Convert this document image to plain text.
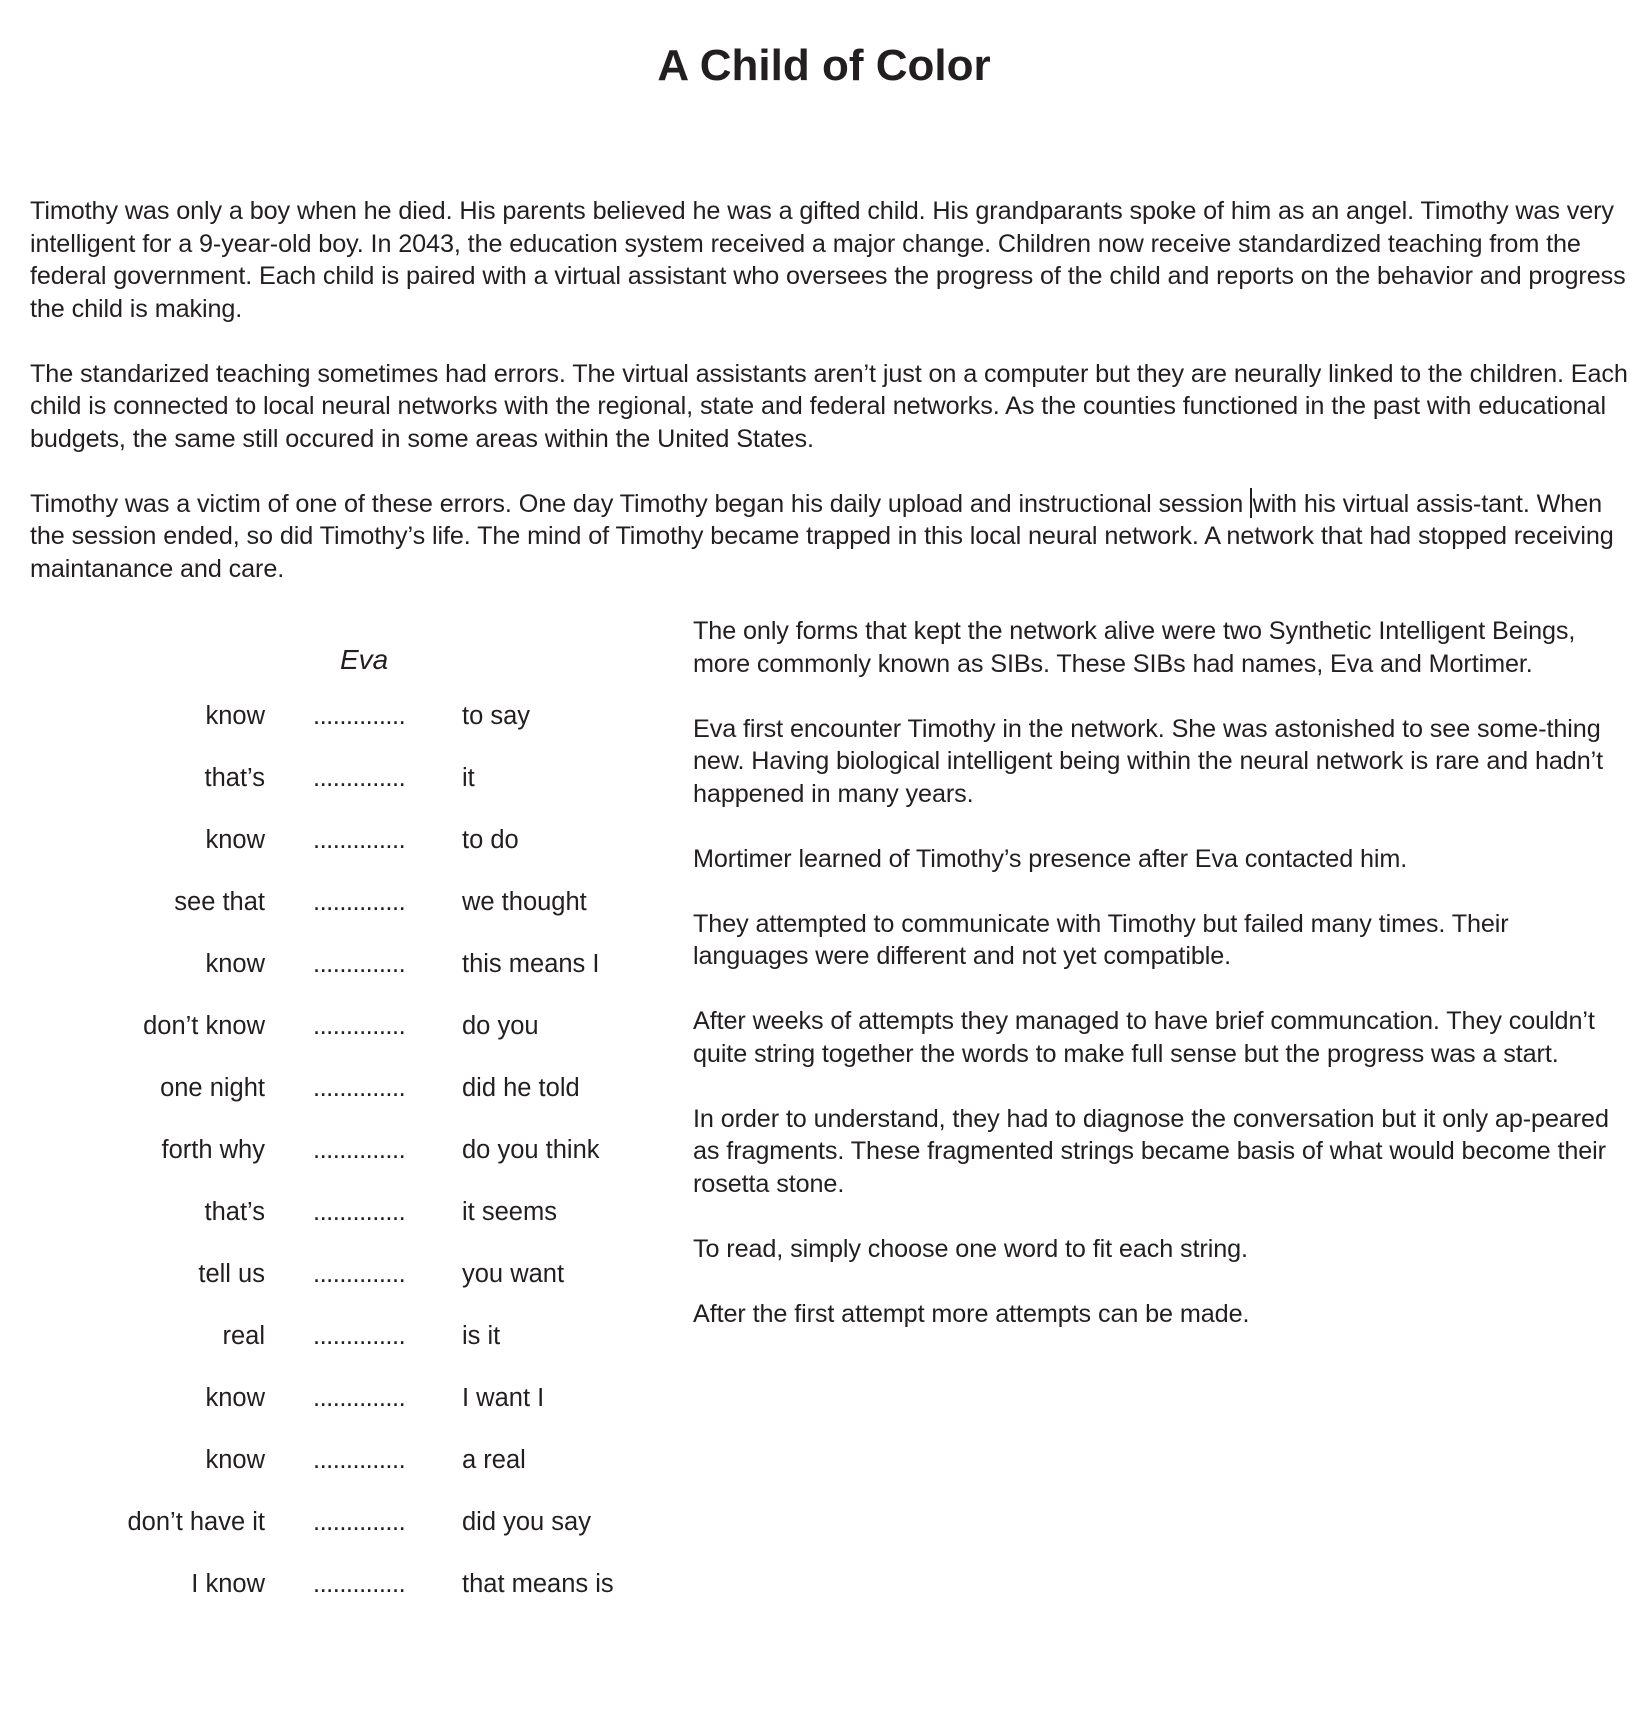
A Child of Color

Timothy was only a boy when he died. His parents believed he was a gifted child. His grandparants spoke of him as an angel. Timothy was very intelligent for a 9-year-old boy. In 2043, the education system received a major change. Children now receive standardized teaching from the federal government. Each child is paired with a virtual assistant who oversees the progress of the child and reports on the behavior and progress the child is making.

The standarized teaching sometimes had errors. The virtual assistants aren’t just on a computer but they are neurally linked to the children. Each child is connected to local neural networks with the regional, state and federal networks. As the counties functioned in the past with educational budgets, the same still occured in some areas within the United States.

Timothy was a victim of one of these errors. One day Timothy began his daily upload and instructional session with his virtual assis-tant. When the session ended, so did Timothy’s life. The mind of Timothy became trapped in this local neural network. A network that had stopped receiving maintanance and care.

Eva
know ..............	to say
that’s ..............	it
know ..............	to do
see that ..............	we thought
know ..............	this means I
don’t know ..............	do you
one night ..............	did he told
forth why ..............	do you think
that’s ..............	it seems
tell us ..............	you want
real ..............	is it
know ..............	I want I
know ..............	a real
don’t have it ..............	did you say
I know ..............	that means is

The only forms that kept the network alive were two Synthetic Intelligent Beings, more commonly known as SIBs. These SIBs had names, Eva and Mortimer.

Eva first encounter Timothy in the network. She was astonished to see some-thing new. Having biological intelligent being within the neural network is rare and hadn’t happened in many years.

Mortimer learned of Timothy’s presence after Eva contacted him.

They attempted to communicate with Timothy but failed many times. Their languages were different and not yet compatible.

After weeks of attempts they managed to have brief communcation. They couldn’t quite string together the words to make full sense but the progress was a start.

In order to understand, they had to diagnose the conversation but it only ap-peared as fragments. These fragmented strings became basis of what would become their rosetta stone.

To read, simply choose one word to fit each string.

After the first attempt more attempts can be made.
